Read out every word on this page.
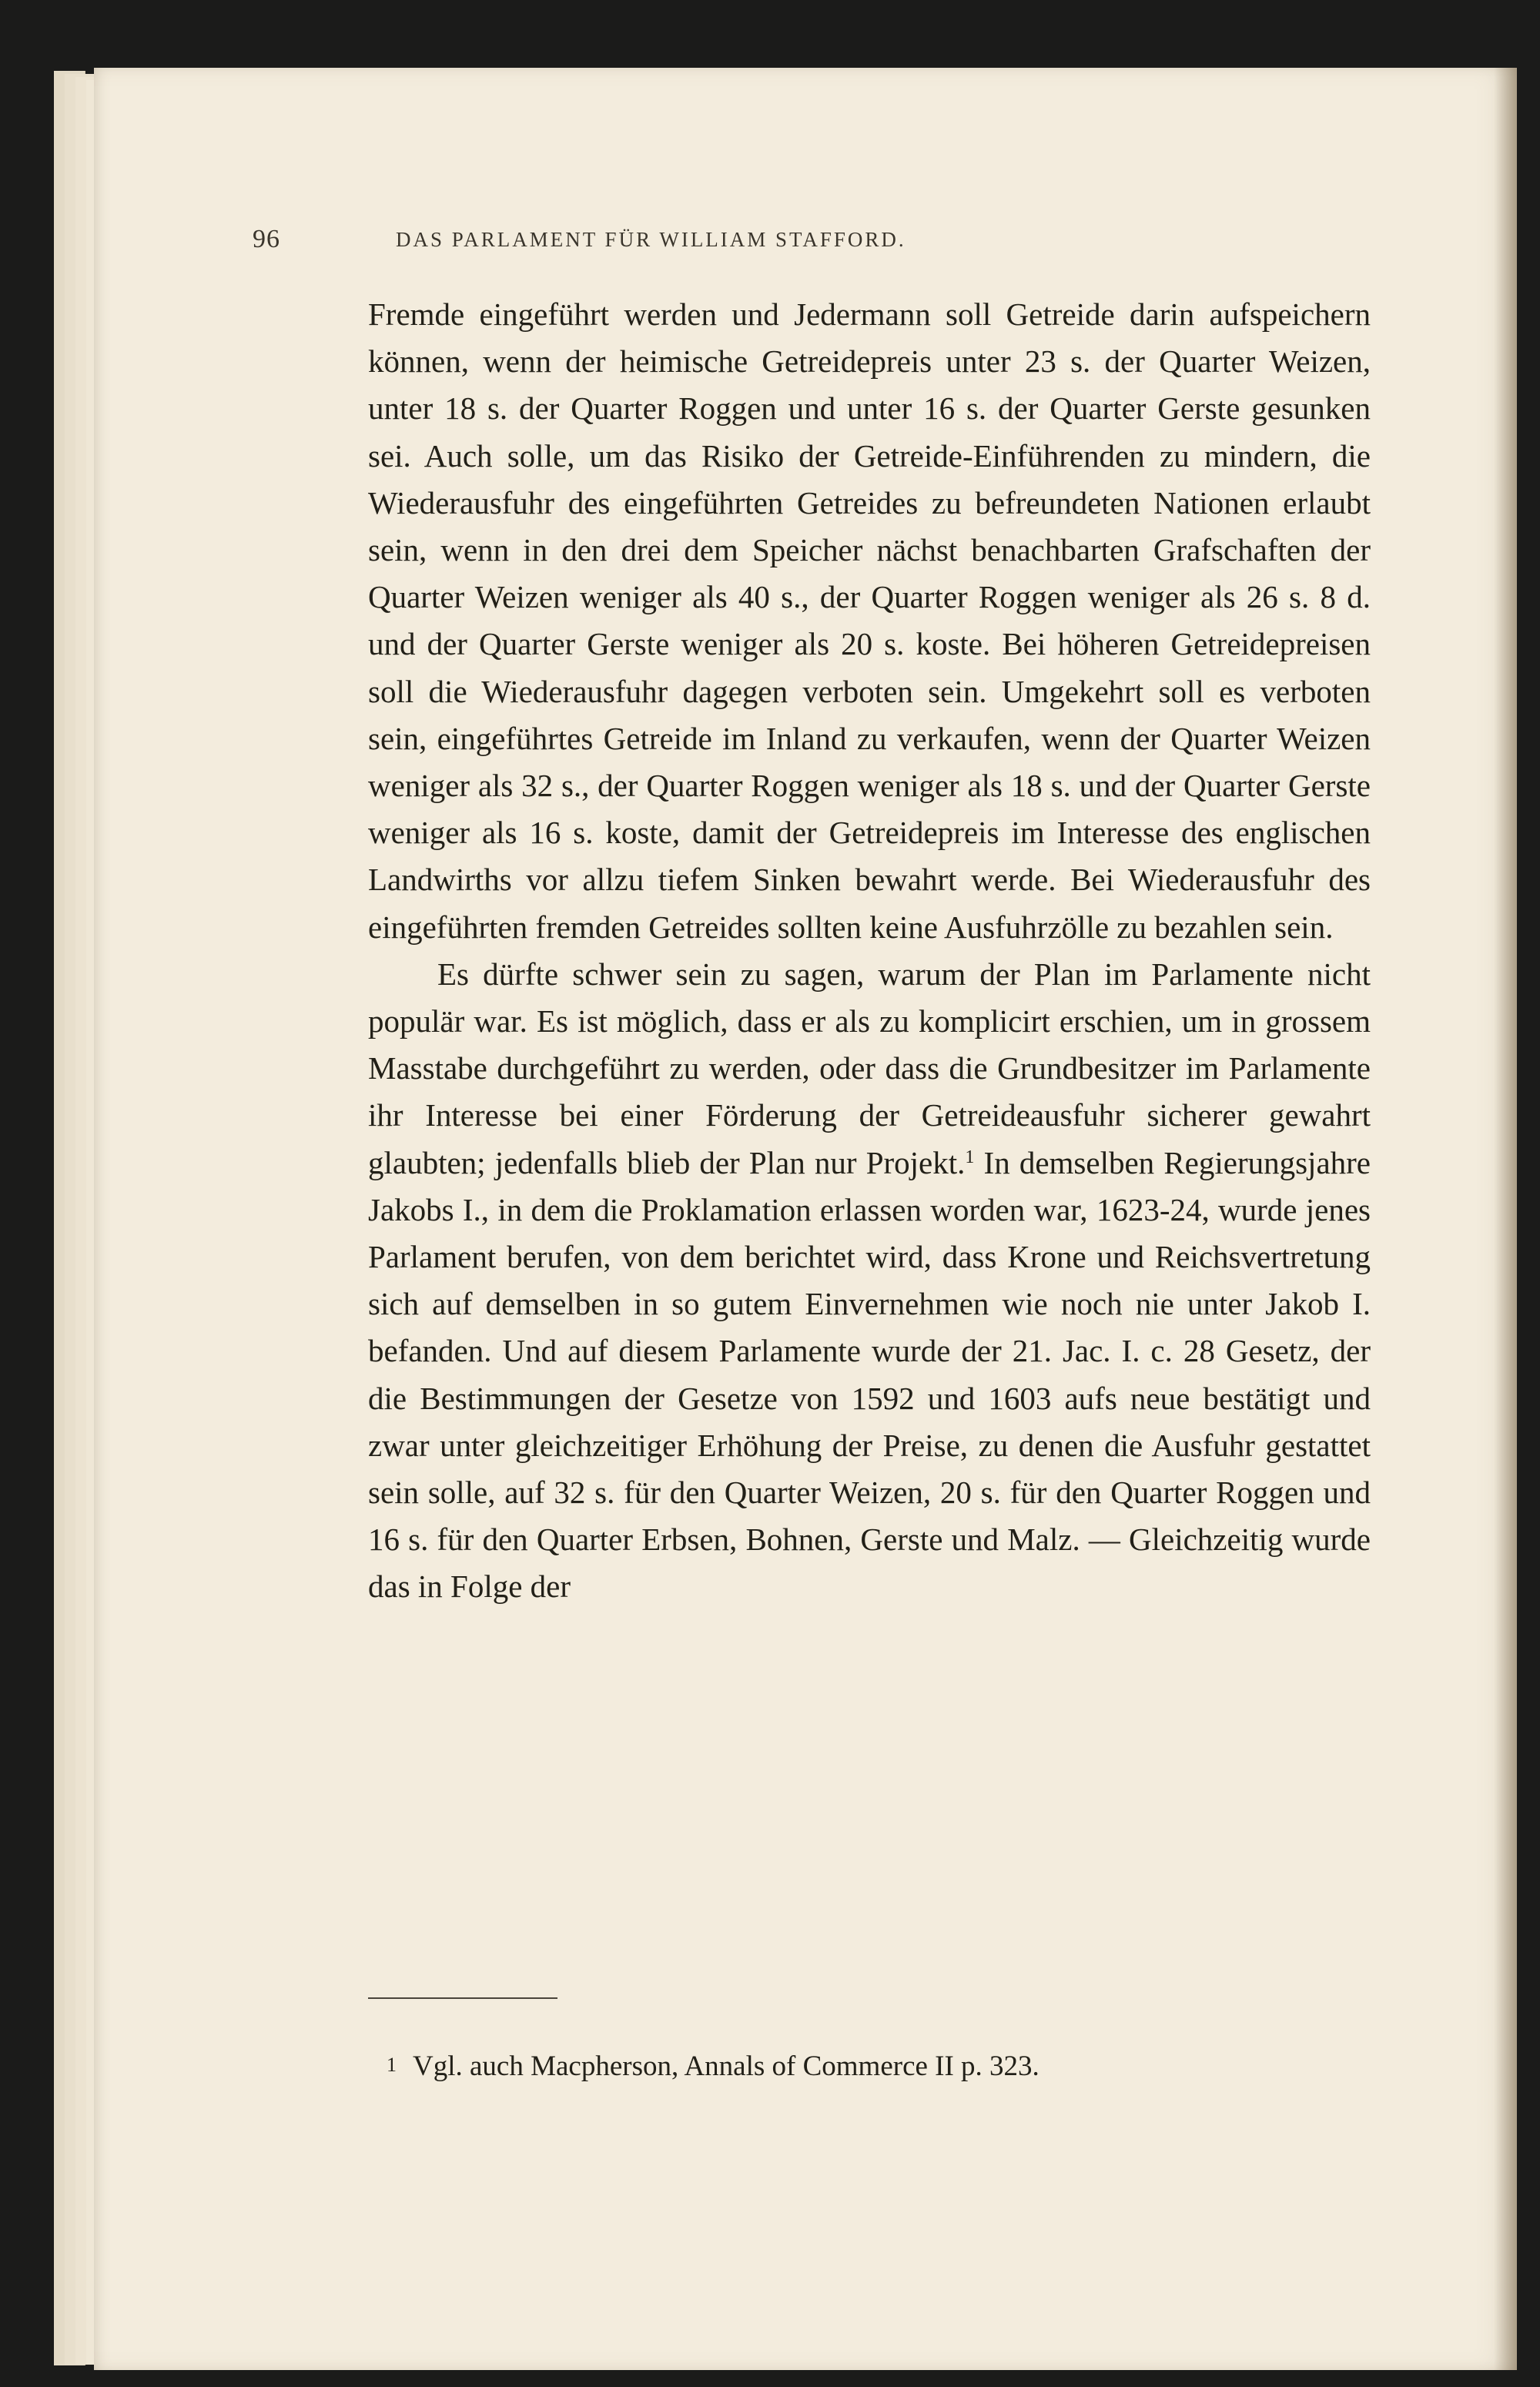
96	DAS PARLAMENT FÜR WILLIAM STAFFORD.

Fremde eingeführt werden und Jedermann soll Getreide darin aufspeichern können, wenn der heimische Getreidepreis unter 23 s. der Quarter Weizen, unter 18 s. der Quarter Roggen und unter 16 s. der Quarter Gerste gesunken sei. Auch solle, um das Risiko der Getreide-Einführenden zu mindern, die Wiederausfuhr des eingeführten Getreides zu befreundeten Nationen erlaubt sein, wenn in den drei dem Speicher nächst benachbarten Grafschaften der Quarter Weizen weniger als 40 s., der Quarter Roggen weniger als 26 s. 8 d. und der Quarter Gerste weniger als 20 s. koste. Bei höheren Getreidepreisen soll die Wiederausfuhr dagegen verboten sein. Umgekehrt soll es verboten sein, eingeführtes Getreide im Inland zu verkaufen, wenn der Quarter Weizen weniger als 32 s., der Quarter Roggen weniger als 18 s. und der Quarter Gerste weniger als 16 s. koste, damit der Getreidepreis im Interesse des englischen Landwirths vor allzu tiefem Sinken bewahrt werde. Bei Wiederausfuhr des eingeführten fremden Getreides sollten keine Ausfuhrzölle zu bezahlen sein.

Es dürfte schwer sein zu sagen, warum der Plan im Parlamente nicht populär war. Es ist möglich, dass er als zu komplicirt erschien, um in grossem Masstabe durchgeführt zu werden, oder dass die Grundbesitzer im Parlamente ihr Interesse bei einer Förderung der Getreideausfuhr sicherer gewahrt glaubten; jedenfalls blieb der Plan nur Projekt.$^1$ In demselben Regierungsjahre Jakobs I., in dem die Proklamation erlassen worden war, 1623-24, wurde jenes Parlament berufen, von dem berichtet wird, dass Krone und Reichsvertretung sich auf demselben in so gutem Einvernehmen wie noch nie unter Jakob I. befanden. Und auf diesem Parlamente wurde der 21. Jac. I. c. 28 Gesetz, der die Bestimmungen der Gesetze von 1592 und 1603 aufs neue bestätigt und zwar unter gleichzeitiger Erhöhung der Preise, zu denen die Ausfuhr gestattet sein solle, auf 32 s. für den Quarter Weizen, 20 s. für den Quarter Roggen und 16 s. für den Quarter Erbsen, Bohnen, Gerste und Malz. — Gleichzeitig wurde das in Folge der

1 Vgl. auch Macpherson, Annals of Commerce II p. 323.
